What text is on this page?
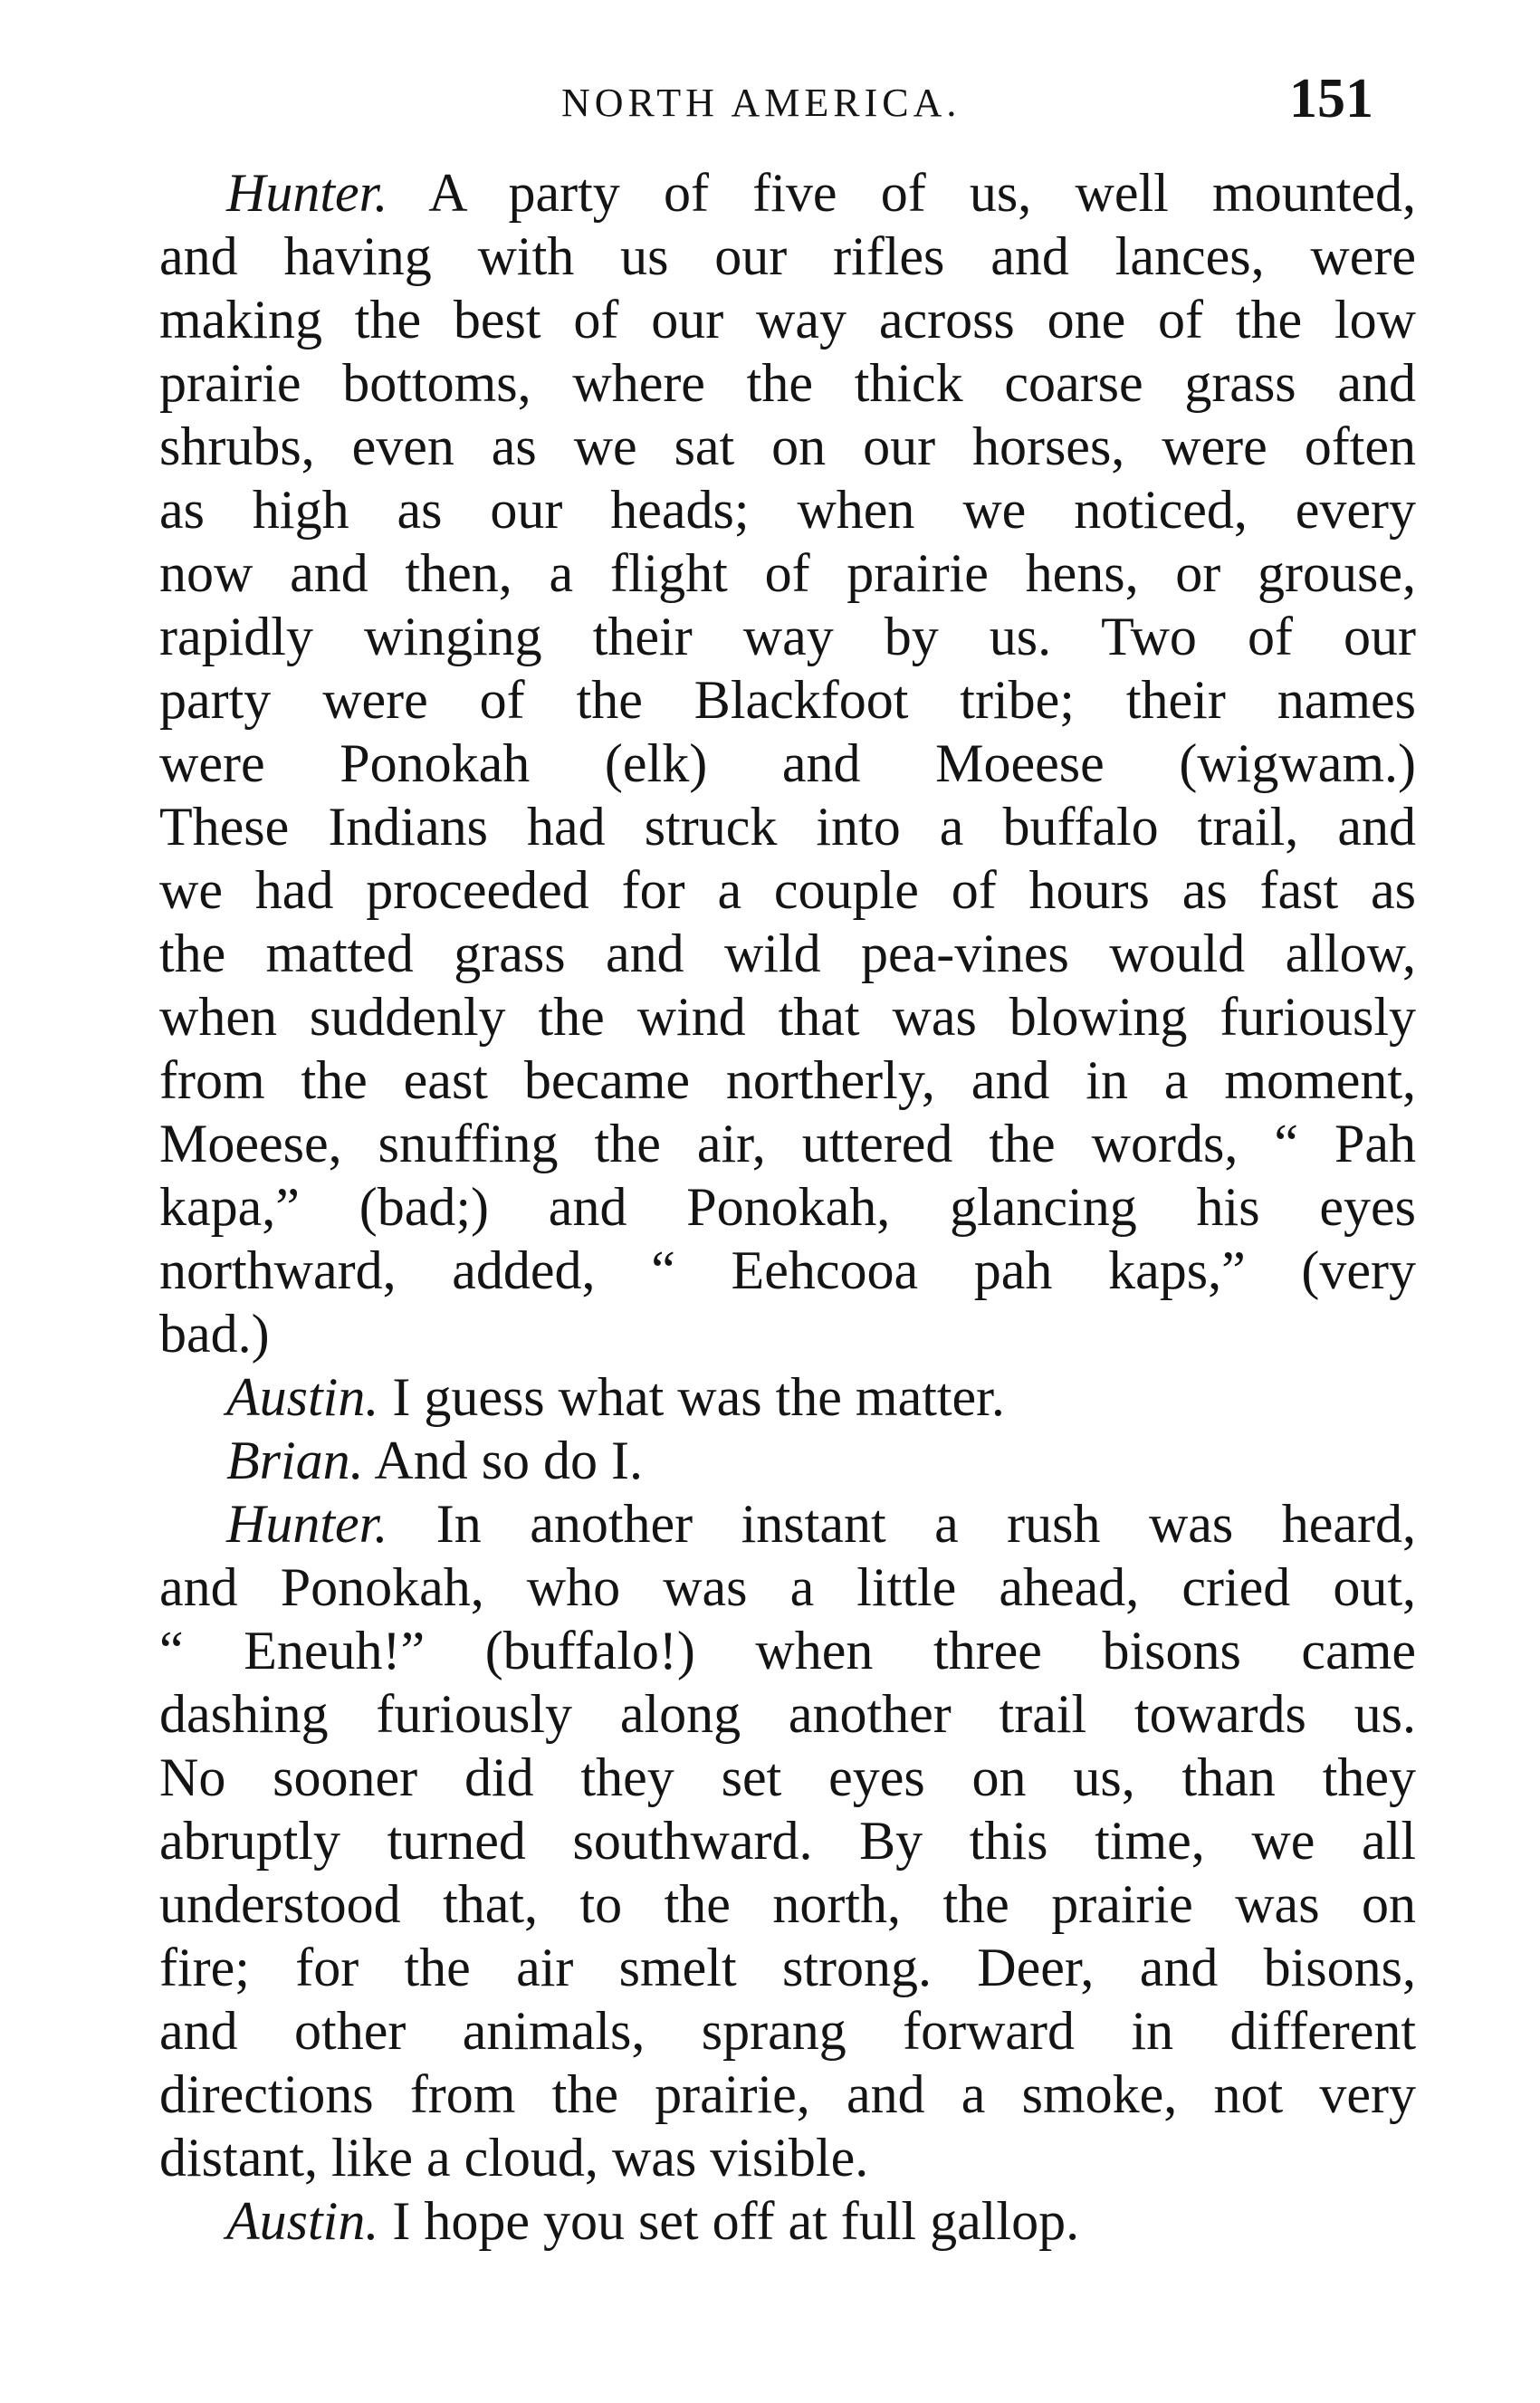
NORTH AMERICA.	151
Hunter. A party of five of us, well mounted,
and having with us our rifles and lances, were
making the best of our way across one of the low
prairie bottoms, where the thick coarse grass and
shrubs, even as we sat on our horses, were often
as high as our heads; when we noticed, every
now and then, a flight of prairie hens, or grouse,
rapidly winging their way by us. Two of our
party were of the Blackfoot tribe; their names
were Ponokah (elk) and Moeese (wigwam.)
These Indians had struck into a buffalo trail, and
we had proceeded for a couple of hours as fast as
the matted grass and wild pea-vines would allow,
when suddenly the wind that was blowing furiously
from the east became northerly, and in a moment,
Moeese, snuffing the air, uttered the words, “ Pah
kapa,” (bad;) and Ponokah, glancing his eyes
northward, added, “ Eehcooa pah kaps,” (very
bad.)
Austin. I guess what was the matter.
Brian. And so do I.
Hunter. In another instant a rush was heard,
and Ponokah, who was a little ahead, cried out,
“ Eneuh!” (buffalo!) when three bisons came
dashing furiously along another trail towards us.
No sooner did they set eyes on us, than they
abruptly turned southward. By this time, we all
understood that, to the north, the prairie was on
fire; for the air smelt strong. Deer, and bisons,
and other animals, sprang forward in different
directions from the prairie, and a smoke, not very
distant, like a cloud, was visible.
Austin. I hope you set off at full gallop.
